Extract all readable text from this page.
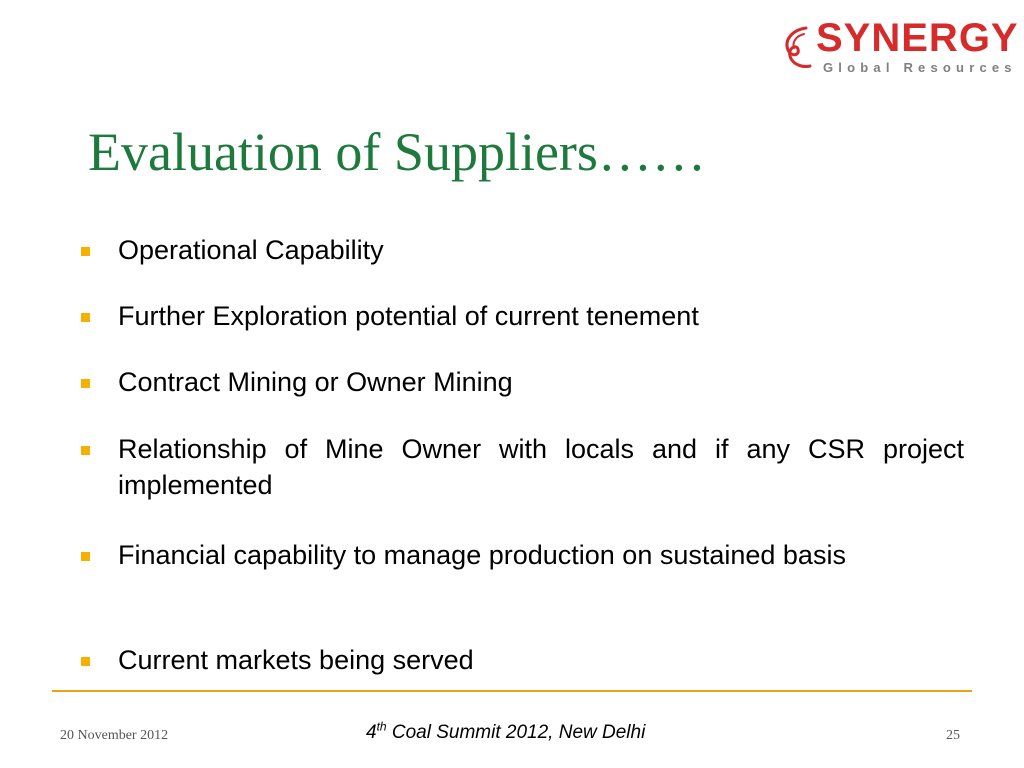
SYNERGY
Global Resources
Evaluation of Suppliers……
Operational Capability
Further Exploration potential of current tenement
Contract Mining or Owner Mining
Relationship of Mine Owner with locals and if any CSR project implemented
Financial capability to manage production on sustained basis
Current markets being served
20 November 2012	4th Coal Summit 2012, New Delhi	25
